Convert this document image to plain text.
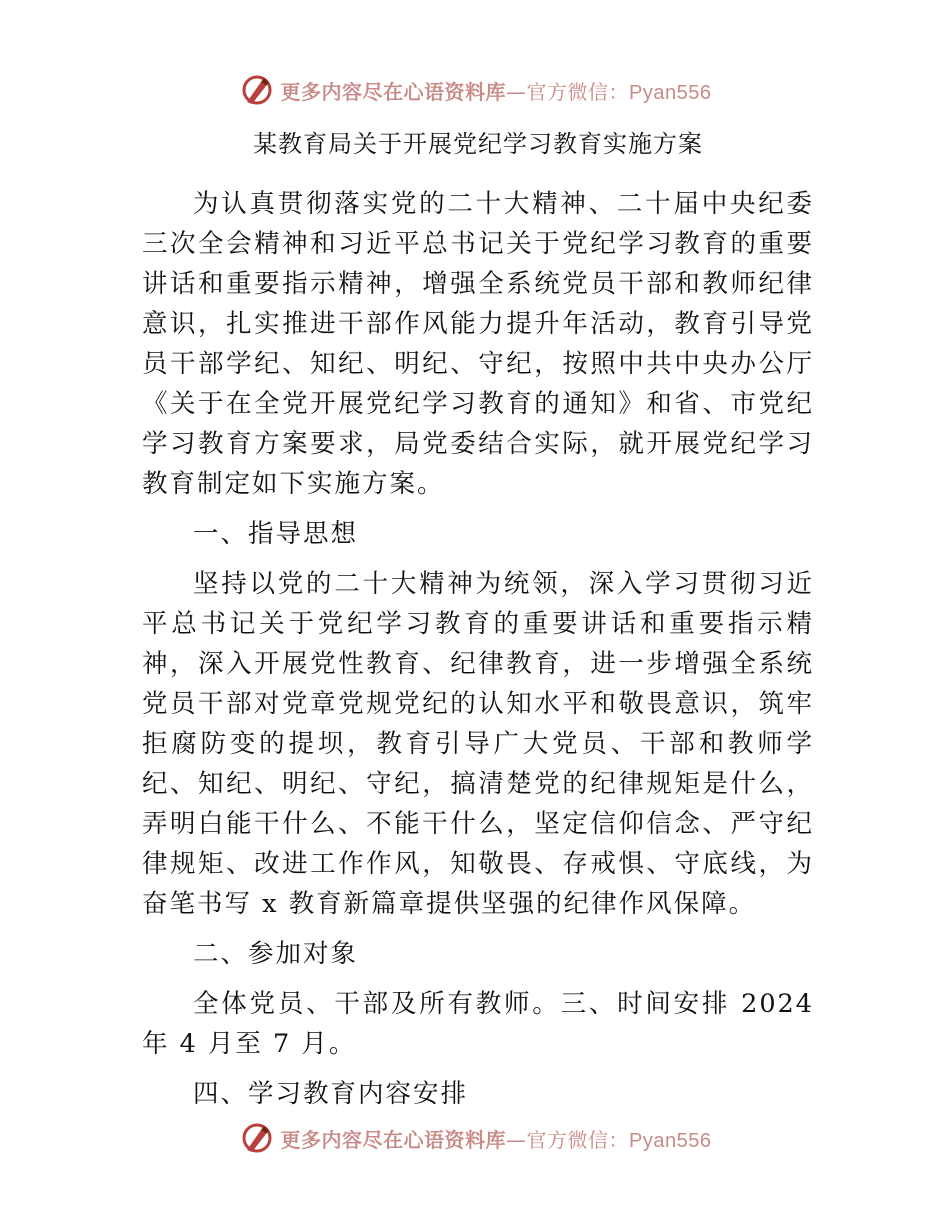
更多内容尽在心语资料库—官方微信：Pyan556
某教育局关于开展党纪学习教育实施方案

为认真贯彻落实党的二十大精神、二十届中央纪委三次全会精神和习近平总书记关于党纪学习教育的重要讲话和重要指示精神，增强全系统党员干部和教师纪律意识，扎实推进干部作风能力提升年活动，教育引导党员干部学纪、知纪、明纪、守纪，按照中共中央办公厅《关于在全党开展党纪学习教育的通知》和省、市党纪学习教育方案要求，局党委结合实际，就开展党纪学习教育制定如下实施方案。

一、指导思想

坚持以党的二十大精神为统领，深入学习贯彻习近平总书记关于党纪学习教育的重要讲话和重要指示精神，深入开展党性教育、纪律教育，进一步增强全系统党员干部对党章党规党纪的认知水平和敬畏意识，筑牢拒腐防变的提坝，教育引导广大党员、干部和教师学纪、知纪、明纪、守纪，搞清楚党的纪律规矩是什么，弄明白能干什么、不能干什么，坚定信仰信念、严守纪律规矩、改进工作作风，知敬畏、存戒惧、守底线，为奋笔书写 x 教育新篇章提供坚强的纪律作风保障。

二、参加对象

全体党员、干部及所有教师。三、时间安排 2024 年 4 月至 7 月。

四、学习教育内容安排

更多内容尽在心语资料库—官方微信：Pyan556
